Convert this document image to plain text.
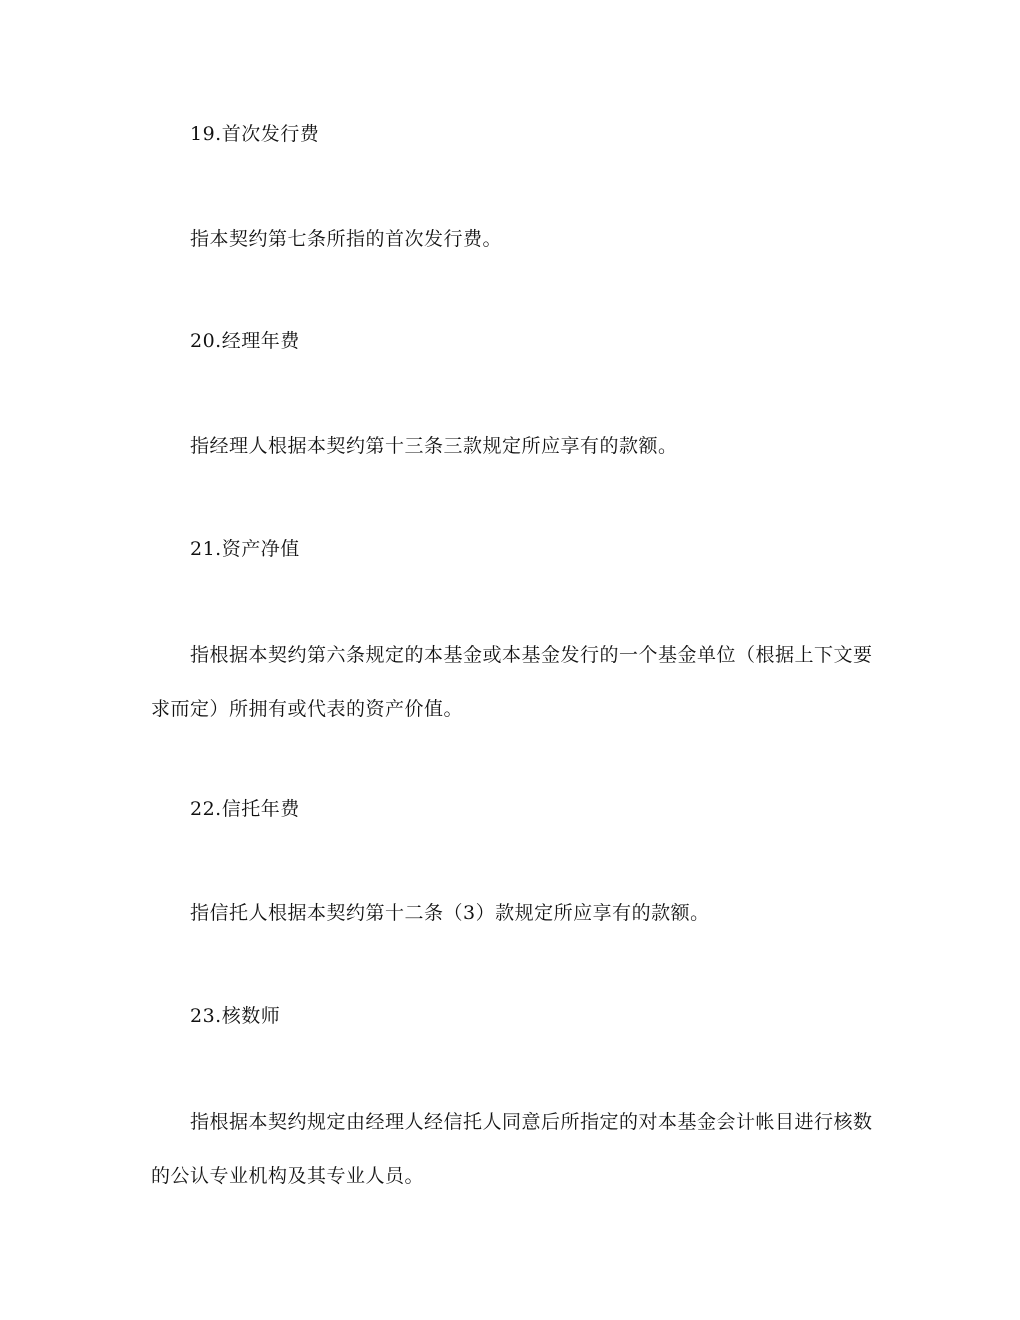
19.首次发行费
指本契约第七条所指的首次发行费。
20.经理年费
指经理人根据本契约第十三条三款规定所应享有的款额。
21.资产净值
指根据本契约第六条规定的本基金或本基金发行的一个基金单位（根据上下文要求而定）所拥有或代表的资产价值。
22.信托年费
指信托人根据本契约第十二条（3）款规定所应享有的款额。
23.核数师
指根据本契约规定由经理人经信托人同意后所指定的对本基金会计帐目进行核数的公认专业机构及其专业人员。
